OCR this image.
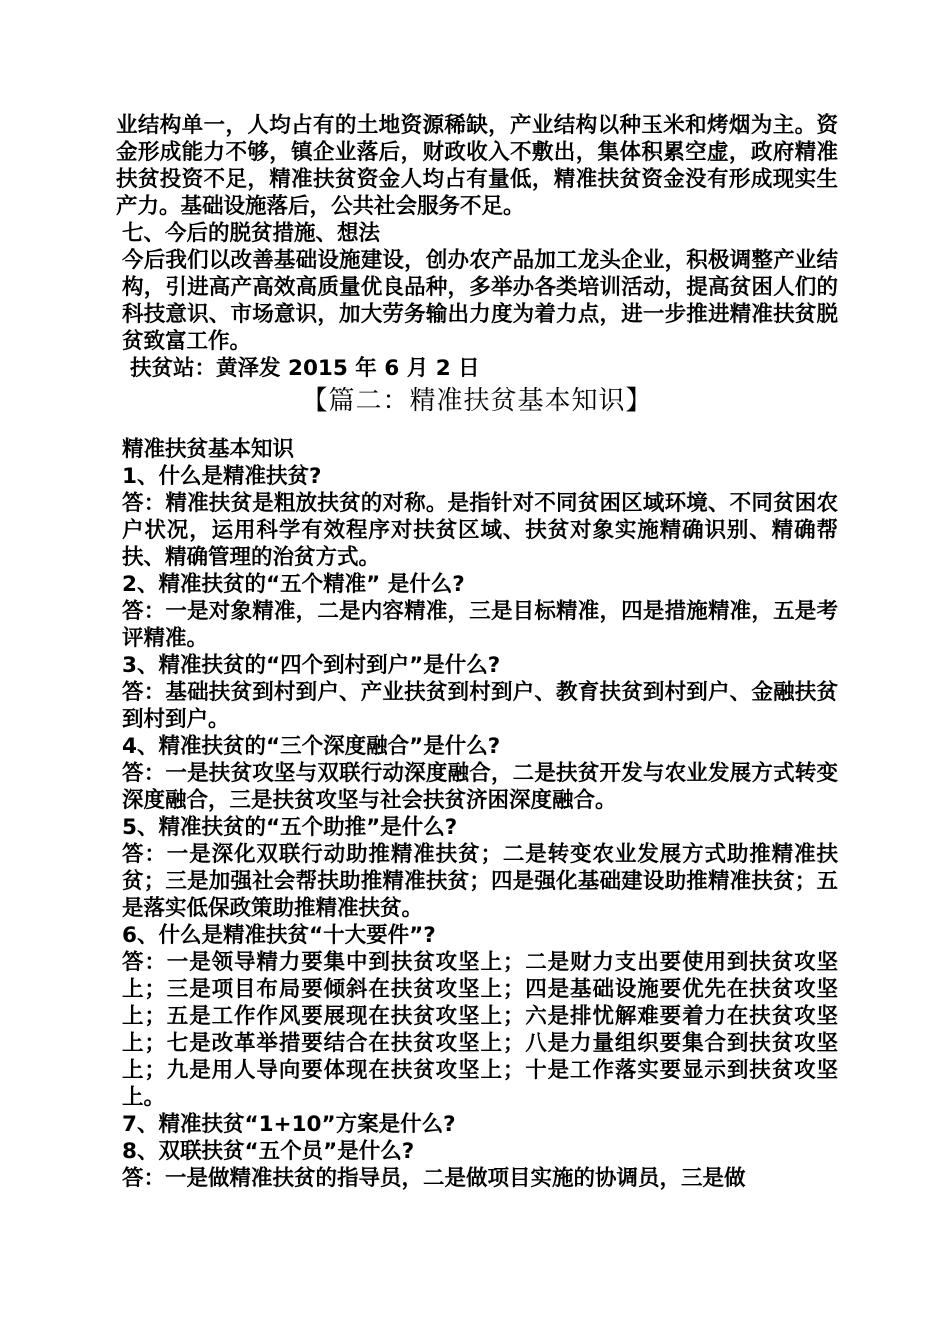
业结构单一，人均占有的土地资源稀缺，产业结构以种玉米和烤烟为主。资金形成能力不够，镇企业落后，财政收入不敷出，集体积累空虚，政府精准扶贫投资不足，精准扶贫资金人均占有量低，精准扶贫资金没有形成现实生产力。基础设施落后，公共社会服务不足。

七、今后的脱贫措施、想法

今后我们以改善基础设施建设，创办农产品加工龙头企业，积极调整产业结构，引进高产高效高质量优良品种，多举办各类培训活动，提高贫困人们的科技意识、市场意识，加大劳务输出力度为着力点，进一步推进精准扶贫脱贫致富工作。

扶贫站：黄泽发 2015 年 6 月 2 日

【篇二：精准扶贫基本知识】

精准扶贫基本知识

1、什么是精准扶贫?

答：精准扶贫是粗放扶贫的对称。是指针对不同贫困区域环境、不同贫困农户状况，运用科学有效程序对扶贫区域、扶贫对象实施精确识别、精确帮扶、精确管理的治贫方式。

2、精准扶贫的“五个精准” 是什么?

答：一是对象精准，二是内容精准，三是目标精准，四是措施精准，五是考评精准。

3、精准扶贫的“四个到村到户”是什么?

答：基础扶贫到村到户、产业扶贫到村到户、教育扶贫到村到户、金融扶贫到村到户。

4、精准扶贫的“三个深度融合”是什么?

答：一是扶贫攻坚与双联行动深度融合，二是扶贫开发与农业发展方式转变深度融合，三是扶贫攻坚与社会扶贫济困深度融合。

5、精准扶贫的“五个助推”是什么?

答：一是深化双联行动助推精准扶贫；二是转变农业发展方式助推精准扶贫；三是加强社会帮扶助推精准扶贫；四是强化基础建设助推精准扶贫；五是落实低保政策助推精准扶贫。

6、什么是精准扶贫“十大要件”?

答：一是领导精力要集中到扶贫攻坚上；二是财力支出要使用到扶贫攻坚上；三是项目布局要倾斜在扶贫攻坚上；四是基础设施要优先在扶贫攻坚上；五是工作作风要展现在扶贫攻坚上；六是排忧解难要着力在扶贫攻坚上；七是改革举措要结合在扶贫攻坚上；八是力量组织要集合到扶贫攻坚上；九是用人导向要体现在扶贫攻坚上；十是工作落实要显示到扶贫攻坚上。

7、精准扶贫“1+10”方案是什么?

8、双联扶贫“五个员”是什么?

答：一是做精准扶贫的指导员，二是做项目实施的协调员，三是做
